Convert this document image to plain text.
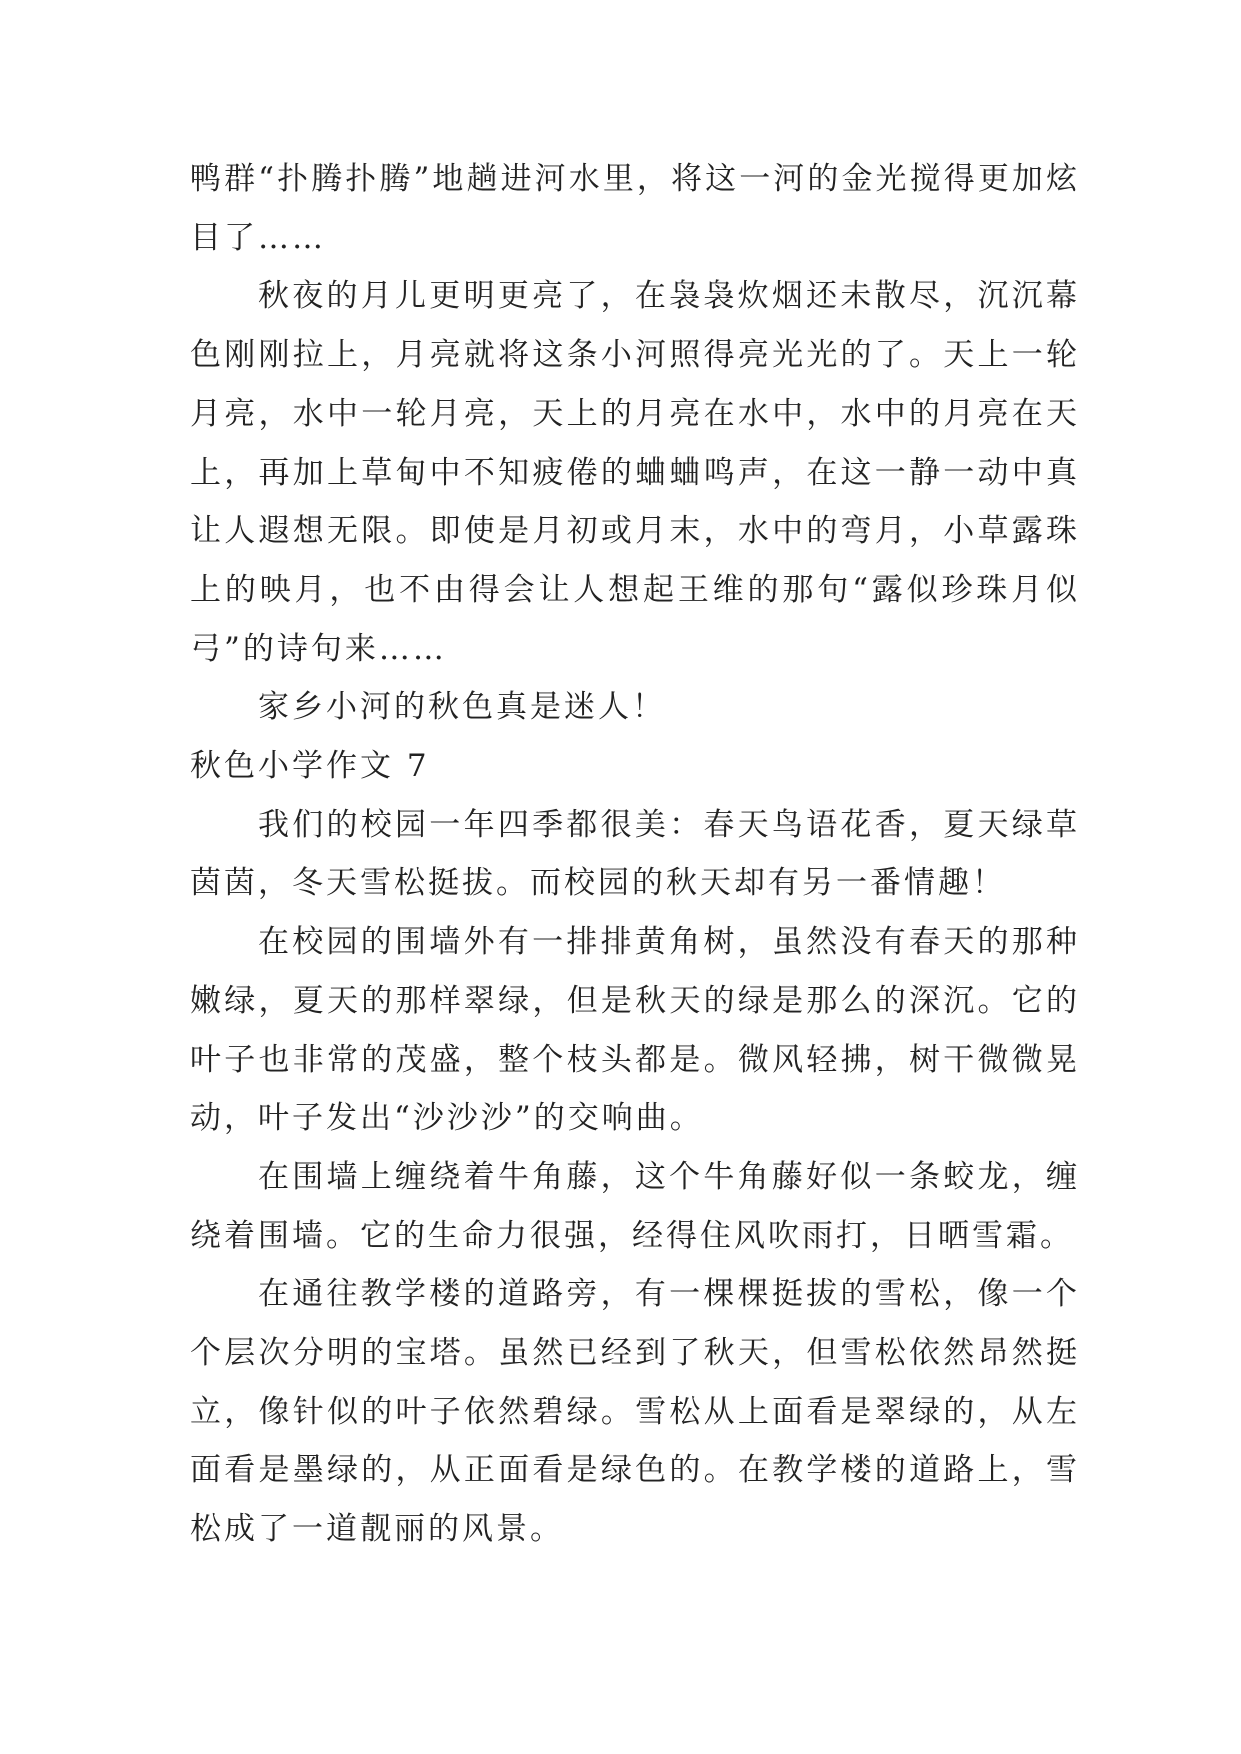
鸭群“扑腾扑腾”地趟进河水里，将这一河的金光搅得更加炫目了……

秋夜的月儿更明更亮了，在袅袅炊烟还未散尽，沉沉幕色刚刚拉上，月亮就将这条小河照得亮光光的了。天上一轮月亮，水中一轮月亮，天上的月亮在水中，水中的月亮在天上，再加上草甸中不知疲倦的蛐蛐鸣声，在这一静一动中真让人遐想无限。即使是月初或月末，水中的弯月，小草露珠上的映月，也不由得会让人想起王维的那句“露似珍珠月似弓”的诗句来……

家乡小河的秋色真是迷人！

秋色小学作文 7

我们的校园一年四季都很美：春天鸟语花香，夏天绿草茵茵，冬天雪松挺拔。而校园的秋天却有另一番情趣！

在校园的围墙外有一排排黄角树，虽然没有春天的那种嫩绿，夏天的那样翠绿，但是秋天的绿是那么的深沉。它的叶子也非常的茂盛，整个枝头都是。微风轻拂，树干微微晃动，叶子发出“沙沙沙”的交响曲。

在围墙上缠绕着牛角藤，这个牛角藤好似一条蛟龙，缠绕着围墙。它的生命力很强，经得住风吹雨打，日晒雪霜。

在通往教学楼的道路旁，有一棵棵挺拔的雪松，像一个个层次分明的宝塔。虽然已经到了秋天，但雪松依然昂然挺立，像针似的叶子依然碧绿。雪松从上面看是翠绿的，从左面看是墨绿的，从正面看是绿色的。在教学楼的道路上，雪松成了一道靓丽的风景。
